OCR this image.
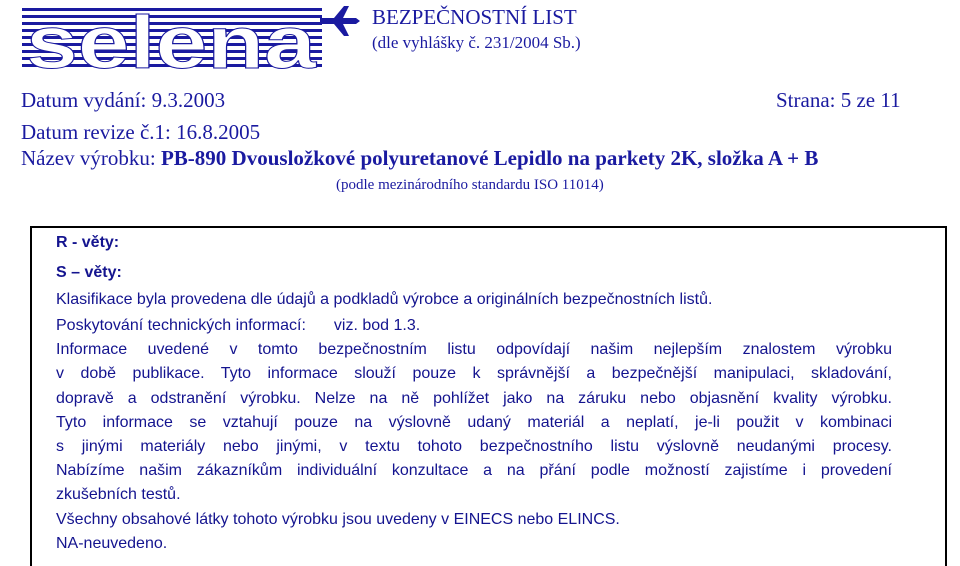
selena	BEZPEČNOSTNÍ LIST
(dle vyhlášky č. 231/2004 Sb.)
Datum vydání: 9.3.2003	Strana: 5 ze 11
Datum revize č.1: 16.8.2005
Název výrobku: PB-890 Dvousložkové polyuretanové Lepidlo na parkety 2K, složka A + B
(podle mezinárodního standardu ISO 11014)
R - věty:
S – věty:
Klasifikace byla provedena dle údajů a podkladů výrobce a originálních bezpečnostních listů.
Poskytování technických informací: viz. bod 1.3.
Informace uvedené v tomto bezpečnostním listu odpovídají našim nejlepším znalostem výrobku
v době publikace. Tyto informace slouží pouze k správnější a bezpečnější manipulaci, skladování,
dopravě a odstranění výrobku. Nelze na ně pohlížet jako na záruku nebo objasnění kvality výrobku.
Tyto informace se vztahují pouze na výslovně udaný materiál a neplatí, je-li použit v kombinaci
s jinými materiály nebo jinými, v textu tohoto bezpečnostního listu výslovně neudanými procesy.
Nabízíme našim zákazníkům individuální konzultace a na přání podle možností zajistíme i provedení
zkušebních testů.
Všechny obsahové látky tohoto výrobku jsou uvedeny v EINECS nebo ELINCS.
NA-neuvedeno.
